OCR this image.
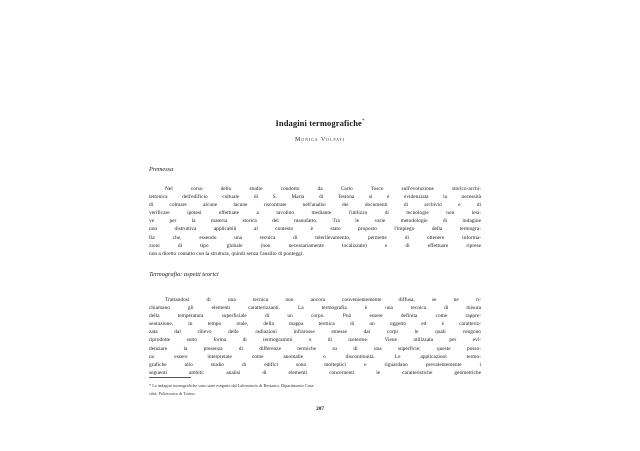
Indagini termografiche*
Monica Volpati
Premessa
Nel corso dello studio condotto da Carlo Tosco sull'evoluzione storico-archi-
tettonica dell'edificio cultuale di S. Maria di Testona si è evidenziata la necessità
di colmare alcune lacune riscontrate nell'analisi dei documenti di archivio e di
verificare ipotesi effettuate a tavolino mediante l'utilizzo di tecnologie non lesi-
ve per la materia storica del manufatto. Tra le varie metodologie di indagine
non distruttiva applicabili al contesto è stato proposto l'impiego della termogra-
fia che, essendo una tecnica di telerilevamento, permette di ottenere informa-
zioni di tipo globale (non necessariamente localizzate) e di effettuare riprese
non a diretto contatto con la struttura, quindi senza l'ausilio di ponteggi.
Termografia: aspetti teorici
Trattandosi di una tecnica non ancora convenientemente diffusa, se ne ri-
chiamano gli elementi caratterizzanti. La termografia è una tecnica di misura
della temperatura superficiale di un corpo. Può essere definita come rappre-
sentazione, in tempo reale, della mappa termica di un oggetto ed è caratteriz-
zata dal rilievo delle radiazioni infrarosse emesse dai corpi le quali vengono
riprodotte sotto forma di termogrammi o di isoterme. Viene utilizzata per evi-
denziare la presenza di differenze termiche su di una superficie; queste posso-
no essere interpretate come anomalie o discontinuità. Le applicazioni termo-
grafiche allo studio di edifici sono molteplici e riguardano prevalentemente i
seguenti ambiti: analisi di elementi concernenti le caratteristiche geometriche
* Le indagini termografiche sono state eseguite dal Laboratorio di Restauro, Dipartimento Casa-
città, Politecnico di Torino.
207
